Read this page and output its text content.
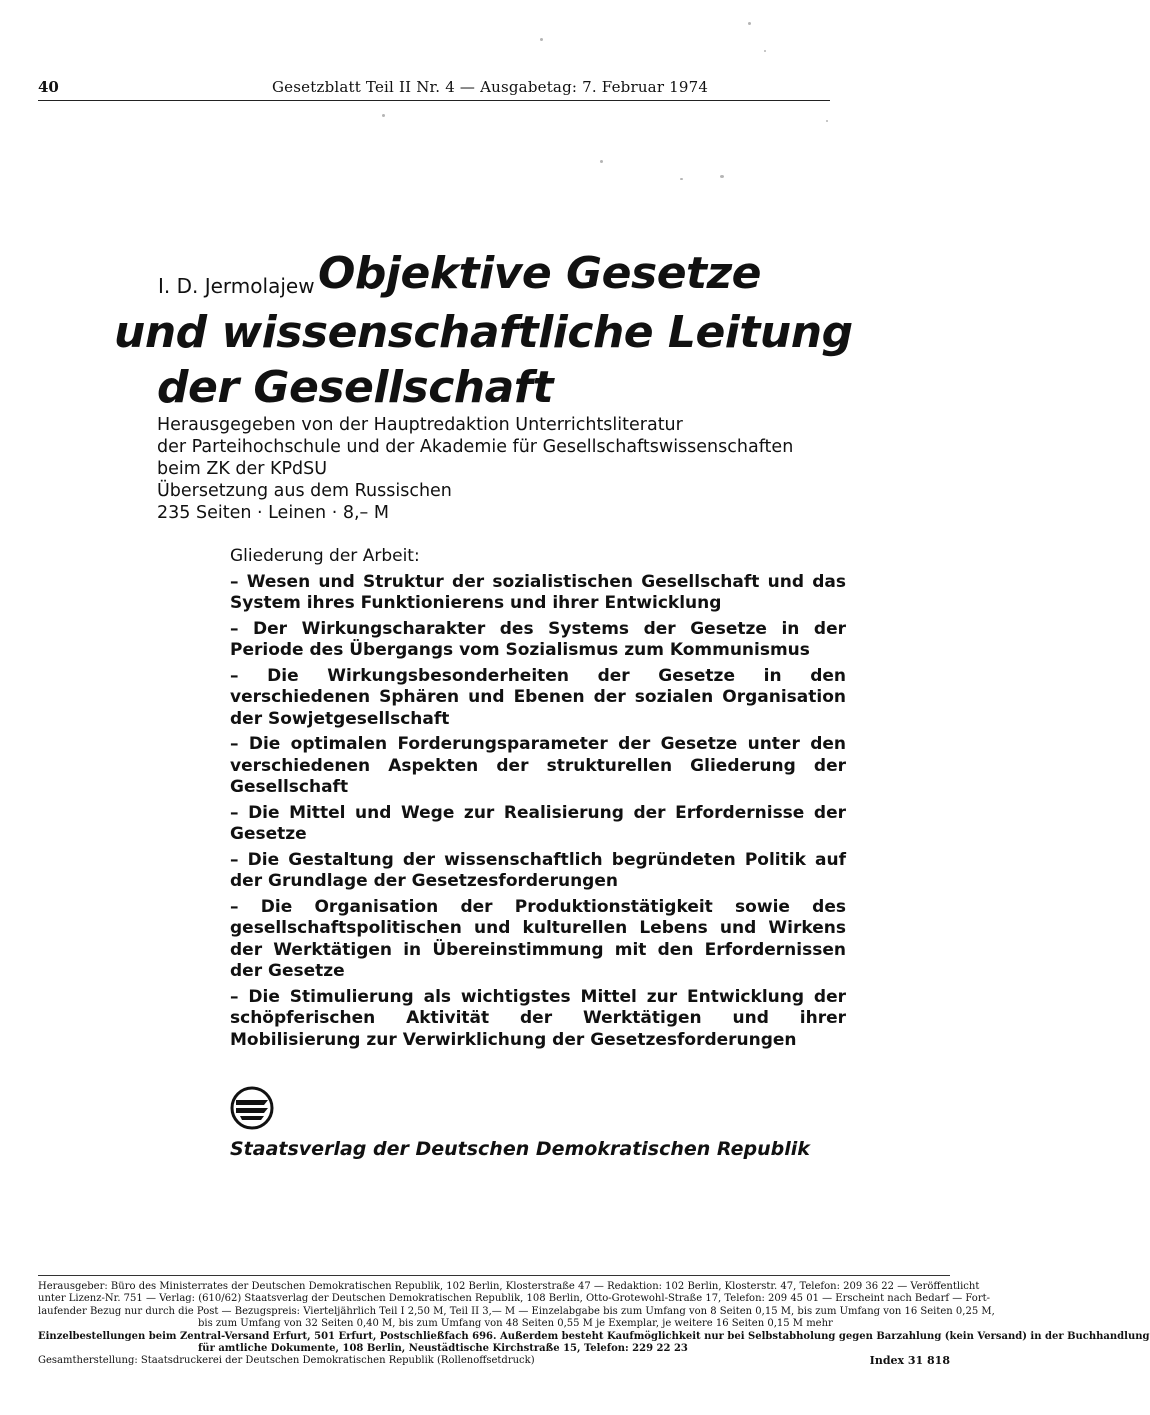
40	Gesetzblatt Teil II Nr. 4 — Ausgabetag: 7. Februar 1974
I. D. Jermolajew Objektive Gesetze
und wissenschaftliche Leitung
der Gesellschaft
Herausgegeben von der Hauptredaktion Unterrichtsliteratur
der Parteihochschule und der Akademie für Gesellschaftswissenschaften
beim ZK der KPdSU
Übersetzung aus dem Russischen
235 Seiten · Leinen · 8,– M
Gliederung der Arbeit:
– Wesen und Struktur der sozialistischen Gesellschaft und das System ihres Funktionierens und ihrer Entwicklung
– Der Wirkungscharakter des Systems der Gesetze in der Periode des Übergangs vom Sozialismus zum Kommunismus
– Die Wirkungsbesonderheiten der Gesetze in den verschiedenen Sphären und Ebenen der sozialen Organisation der Sowjetgesellschaft
– Die optimalen Forderungsparameter der Gesetze unter den verschiedenen Aspekten der strukturellen Gliederung der Gesellschaft
– Die Mittel und Wege zur Realisierung der Erfordernisse der Gesetze
– Die Gestaltung der wissenschaftlich begründeten Politik auf der Grundlage der Gesetzesforderungen
– Die Organisation der Produktionstätigkeit sowie des gesellschaftspolitischen und kulturellen Lebens und Wirkens der Werktätigen in Übereinstimmung mit den Erfordernissen der Gesetze
– Die Stimulierung als wichtigstes Mittel zur Entwicklung der schöpferischen Aktivität der Werktätigen und ihrer Mobilisierung zur Verwirklichung der Gesetzesforderungen
Staatsverlag der Deutschen Demokratischen Republik
Herausgeber: Büro des Ministerrates der Deutschen Demokratischen Republik, 102 Berlin, Klosterstraße 47 — Redaktion: 102 Berlin, Klosterstr. 47, Telefon: 209 36 22 — Veröffentlicht
unter Lizenz-Nr. 751 — Verlag: (610/62) Staatsverlag der Deutschen Demokratischen Republik, 108 Berlin, Otto-Grotewohl-Straße 17, Telefon: 209 45 01 — Erscheint nach Bedarf — Fort-
laufender Bezug nur durch die Post — Bezugspreis: Vierteljährlich Teil I 2,50 M, Teil II 3,— M — Einzelabgabe bis zum Umfang von 8 Seiten 0,15 M, bis zum Umfang von 16 Seiten 0,25 M,
bis zum Umfang von 32 Seiten 0,40 M, bis zum Umfang von 48 Seiten 0,55 M je Exemplar, je weitere 16 Seiten 0,15 M mehr
Einzelbestellungen beim Zentral-Versand Erfurt, 501 Erfurt, Postschließfach 696. Außerdem besteht Kaufmöglichkeit nur bei Selbstabholung gegen Barzahlung (kein Versand) in der Buchhandlung
für amtliche Dokumente, 108 Berlin, Neustädtische Kirchstraße 15, Telefon: 229 22 23
Gesamtherstellung: Staatsdruckerei der Deutschen Demokratischen Republik (Rollenoffsetdruck)	Index 31 818
